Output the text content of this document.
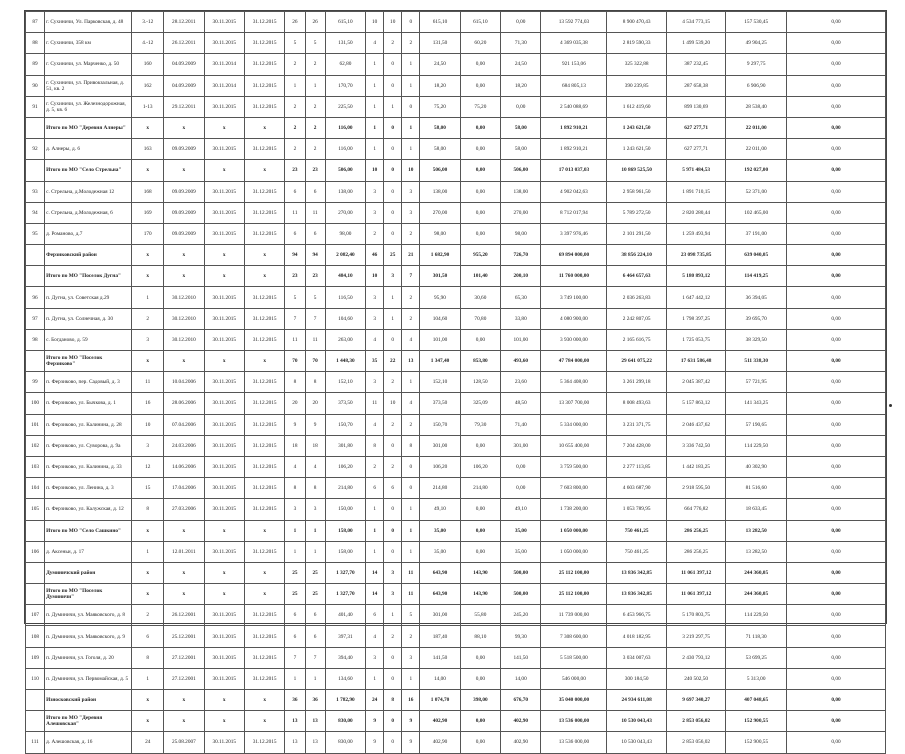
87	г. Сухиничи, Ул. Парковская, д. 48	3.-12	28.12.2011	30.11.2015	31.12.2015	26	26	615,10	10	10	0	615,10	615,10	0,00	13 592 774,03	8 900 470,43	4 534 773,15	157 530,45	0,00
88	г. Сухиничи, 358 км	4.-12	26.12.2011	30.11.2015	31.12.2015	5	5	131,50	4	2	2	131,50	60,20	71,30	4 369 035,38	2 819 590,33	1 499 539,20	49 904,25	0,00
89	г. Сухиничи, ул. Марченко, д. 50	160	04.09.2009	30.11.2014	31.12.2015	2	2	62,80	1	0	1	24,50	0,00	24,50	921 153,06	325 322,88	387 232,45	9 297,75	0,00
90	г. Сухиничи, ул. Привокзальная, д. 51, кв. 2	162	04.09.2009	30.11.2014	31.12.2015	1	1	170,70	1	0	1	18,20	0,00	18,20	684 805,13	390 239,85	287 658,38	6 906,90	0,00
91	г. Сухиничи, ул. Железнодорожная, д. 5, кв. 6	1-13	29.12.2011	30.11.2015	31.12.2015	2	2	225,50	1	1	0	75,20	75,20	0,00	2 540 088,69	1 612 419,60	899 130,69	28 538,40	0,00
	Итого по МО "Деревня Алнеры"	х	х	х	х	2	2	116,00	1	0	1	58,00	0,00	58,00	1 892 910,21	1 243 621,50	627 277,71	22 011,00	0,00
92	д. Алнеры, д. 6	163	09.09.2009	30.11.2015	31.12.2015	2	2	116,00	1	0	1	58,00	0,00	58,00	1 892 910,21	1 243 621,50	627 277,71	22 011,00	0,00
	Итого по МО "Село Стрельна"	х	х	х	х	23	23	506,00	10	0	10	506,00	0,00	506,00	17 013 037,03	10 869 525,50	5 971 484,53	192 027,00	0,00
93	с. Стрельна, д.Молодежная 12	168	09.09.2009	30.11.2015	31.12.2015	6	6	138,00	3	0	3	138,00	0,00	138,00	4 902 042,63	2 958 961,50	1 891 710,15	52 371,00	0,00
94	с. Стрельна, д.Молодежная, 6	169	09.09.2009	30.11.2015	31.12.2015	11	11	270,00	3	0	3	270,00	0,00	270,00	8 712 017,94	5 789 272,50	2 820 280,44	102 465,00	0,00
95	д. Романово, д.7	170	09.09.2009	30.11.2015	31.12.2015	6	6	98,00	2	0	2	98,00	0,00	98,00	3 397 976,46	2 101 291,50	1 259 493,94	37 191,00	0,00
	Ферзиковский район	х	х	х	х	94	94	2 082,40	46	25	21	1 682,90	955,20	726,70	69 894 000,00	38 856 224,10	23 098 735,85	639 040,05	0,00
	Итого по МО "Поселок Дугна"	х	х	х	х	23	23	484,10	10	3	7	301,50	101,40	200,10	11 760 000,00	6 464 657,63	5 180 893,12	114 419,25	0,00
96	п. Дугна, ул. Советская д.29	1	30.12.2010	30.11.2015	31.12.2015	5	5	116,50	3	1	2	95,90	30,60	65,30	3 749 100,00	2 036 263,83	1 647 442,12	36 394,05	0,00
97	п. Дугна, ул. Солнечная, д. 30	2	30.12.2010	30.11.2015	31.12.2015	7	7	104,60	3	1	2	104,60	70,80	33,80	4 080 900,00	2 242 807,05	1 798 397,25	39 695,70	0,00
98	с. Богданово, д. 59	3	30.12.2010	30.11.2015	31.12.2015	11	11	263,00	4	0	4	101,00	0,00	101,00	3 930 000,00	2 165 616,75	1 725 053,75	38 329,50	0,00
	Итого по МО "Поселок Ферзиково"	х	х	х	х	70	70	1 448,30	35	22	13	1 347,40	853,80	493,60	47 784 000,00	29 641 075,22	17 631 586,48	511 338,30	0,00
99	п. Ферзиково, пер. Садовый, д. 3	11	10.04.2006	30.11.2015	31.12.2015	8	8	152,10	3	2	1	152,10	128,50	23,60	5 364 408,00	3 261 299,18	2 045 387,42	57 721,95	0,00
100	п. Ферзиково, ул. Бычкова, д. 1	16	28.06.2006	30.11.2015	31.12.2015	20	20	373,50	11	10	4	373,50	325,09	48,50	13 307 700,00	8 008 493,63	5 157 863,12	141 343,25	0,00
101	п. Ферзиково, ул. Калинина, д. 28	10	07.04.2006	30.11.2015	31.12.2015	9	9	150,70	4	2	2	150,70	79,30	71,40	5 334 000,00	3 231 371,75	2 046 437,62	57 190,65	0,00
102	п. Ферзиково, ул. Суворова, д. 9а	3	24.03.2006	30.11.2015	31.12.2015	18	18	301,80	8	0	8	301,00	0,00	301,00	10 655 400,00	7 204 428,00	3 336 742,50	114 229,50	0,00
103	п. Ферзиково, ул. Калинина, д. 33	12	14.06.2006	30.11.2015	31.12.2015	4	4	106,20	2	2	0	106,20	106,20	0,00	3 759 500,00	2 277 113,85	1 442 183,25	40 302,90	0,00
104	п. Ферзиково, ул. Ленина, д. 3	15	17.04.2006	30.11.2015	31.12.2015	8	8	214,80	6	6	0	214,80	214,80	0,00	7 603 800,00	4 603 687,90	2 918 595,50	81 516,60	0,00
105	п. Ферзиково, ул. Калужская, д. 12	8	27.03.2006	30.11.2015	31.12.2015	3	3	150,00	1	0	1	49,10	0,00	49,10	1 738 200,00	1 053 789,95	664 776,82	18 633,45	0,00
	Итого по МО "Село Сашкино"	х	х	х	х	1	1	158,00	1	0	1	35,00	0,00	35,00	1 050 000,00	750 461,25	286 256,25	13 282,50	0,00
106	д. Аксеньи, д. 17	1	12.01.2011	30.11.2015	31.12.2015	1	1	158,00	1	0	1	35,00	0,00	35,00	1 050 000,00	750 461,25	286 256,25	13 282,50	0,00
	Думиничский район	х	х	х	х	25	25	1 327,70	14	3	11	643,90	143,90	500,00	25 112 100,00	13 836 342,85	11 061 397,12	244 360,05	0,00
	Итого по МО "Поселок Думиничи"	х	х	х	х	25	25	1 327,70	14	3	11	643,90	143,90	500,00	25 112 100,00	13 836 342,85	11 061 397,12	244 360,05	0,00
107	п. Думиничи, ул. Маяковского, д. 8	2	26.12.2001	30.11.2015	31.12.2015	6	6	401,40	6	1	5	301,00	55,80	245,20	11 739 000,00	6 453 966,75	5 170 803,75	114 229,50	0,00
108	п. Думиничи, ул. Маяковского, д. 9	6	25.12.2001	30.11.2015	31.12.2015	6	6	397,31	4	2	2	187,40	88,10	99,30	7 308 600,00	4 018 182,95	3 219 297,75	71 118,30	0,00
109	п. Думиничи, ул. Гоголя, д. 20	8	27.12.2001	30.11.2015	31.12.2015	7	7	394,40	3	0	3	141,50	0,00	141,50	5 518 500,00	3 034 007,63	2 430 793,12	53 699,25	0,00
110	п. Думиничи, ул. Первомайская, д. 5	1	27.12.2001	30.11.2015	31.12.2015	1	1	134,60	1	0	1	14,00	0,00	14,00	546 000,00	300 184,50	240 502,50	5 313,00	0,00
	Износковский район	х	х	х	х	36	36	1 782,90	24	8	16	1 074,70	398,00	676,70	35 040 000,00	24 934 611,08	9 697 340,27	407 048,65	0,00
	Итого по МО "Деревня Алешовская"	х	х	х	х	13	13	830,00	9	0	9	402,90	0,00	402,90	13 536 000,00	10 530 043,43	2 853 056,02	152 900,55	0,00
111	д. Алешовская, д. 16	24	25.08.2007	30.11.2015	31.12.2015	13	13	830,00	9	0	9	402,90	0,00	402,90	13 536 000,00	10 530 043,43	2 853 056,02	152 900,55	0,00
